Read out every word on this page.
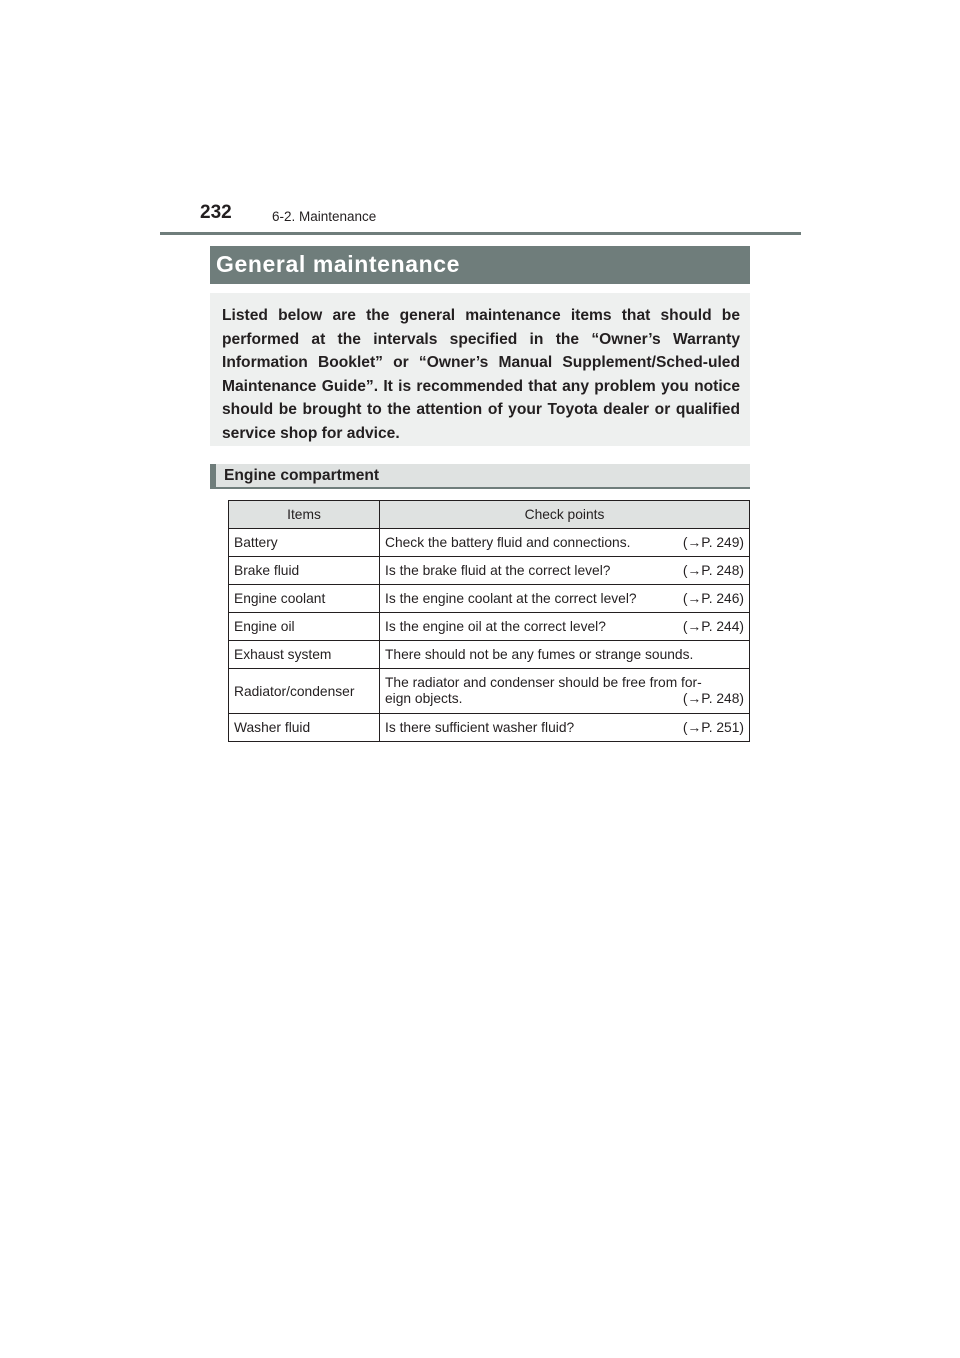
232	6-2. Maintenance
General maintenance

Listed below are the general maintenance items that should be performed at the intervals specified in the “Owner’s Warranty Information Booklet” or “Owner’s Manual Supplement/Sched-uled Maintenance Guide”. It is recommended that any problem you notice should be brought to the attention of your Toyota dealer or qualified service shop for advice.

Engine compartment
Items	Check points
Battery	Check the battery fluid and connections. (→P. 249)

Brake fluid	Is the brake fluid at the correct level? (→P. 248)

Engine coolant	Is the engine coolant at the correct level? (→P. 246)

Engine oil	Is the engine oil at the correct level? (→P. 244)

Exhaust system	There should not be any fumes or strange sounds.
Radiator/condenser	The radiator and condenser should be free from for-
eign objects. (→P. 248)

Washer fluid	Is there sufficient washer fluid? (→P. 251)
